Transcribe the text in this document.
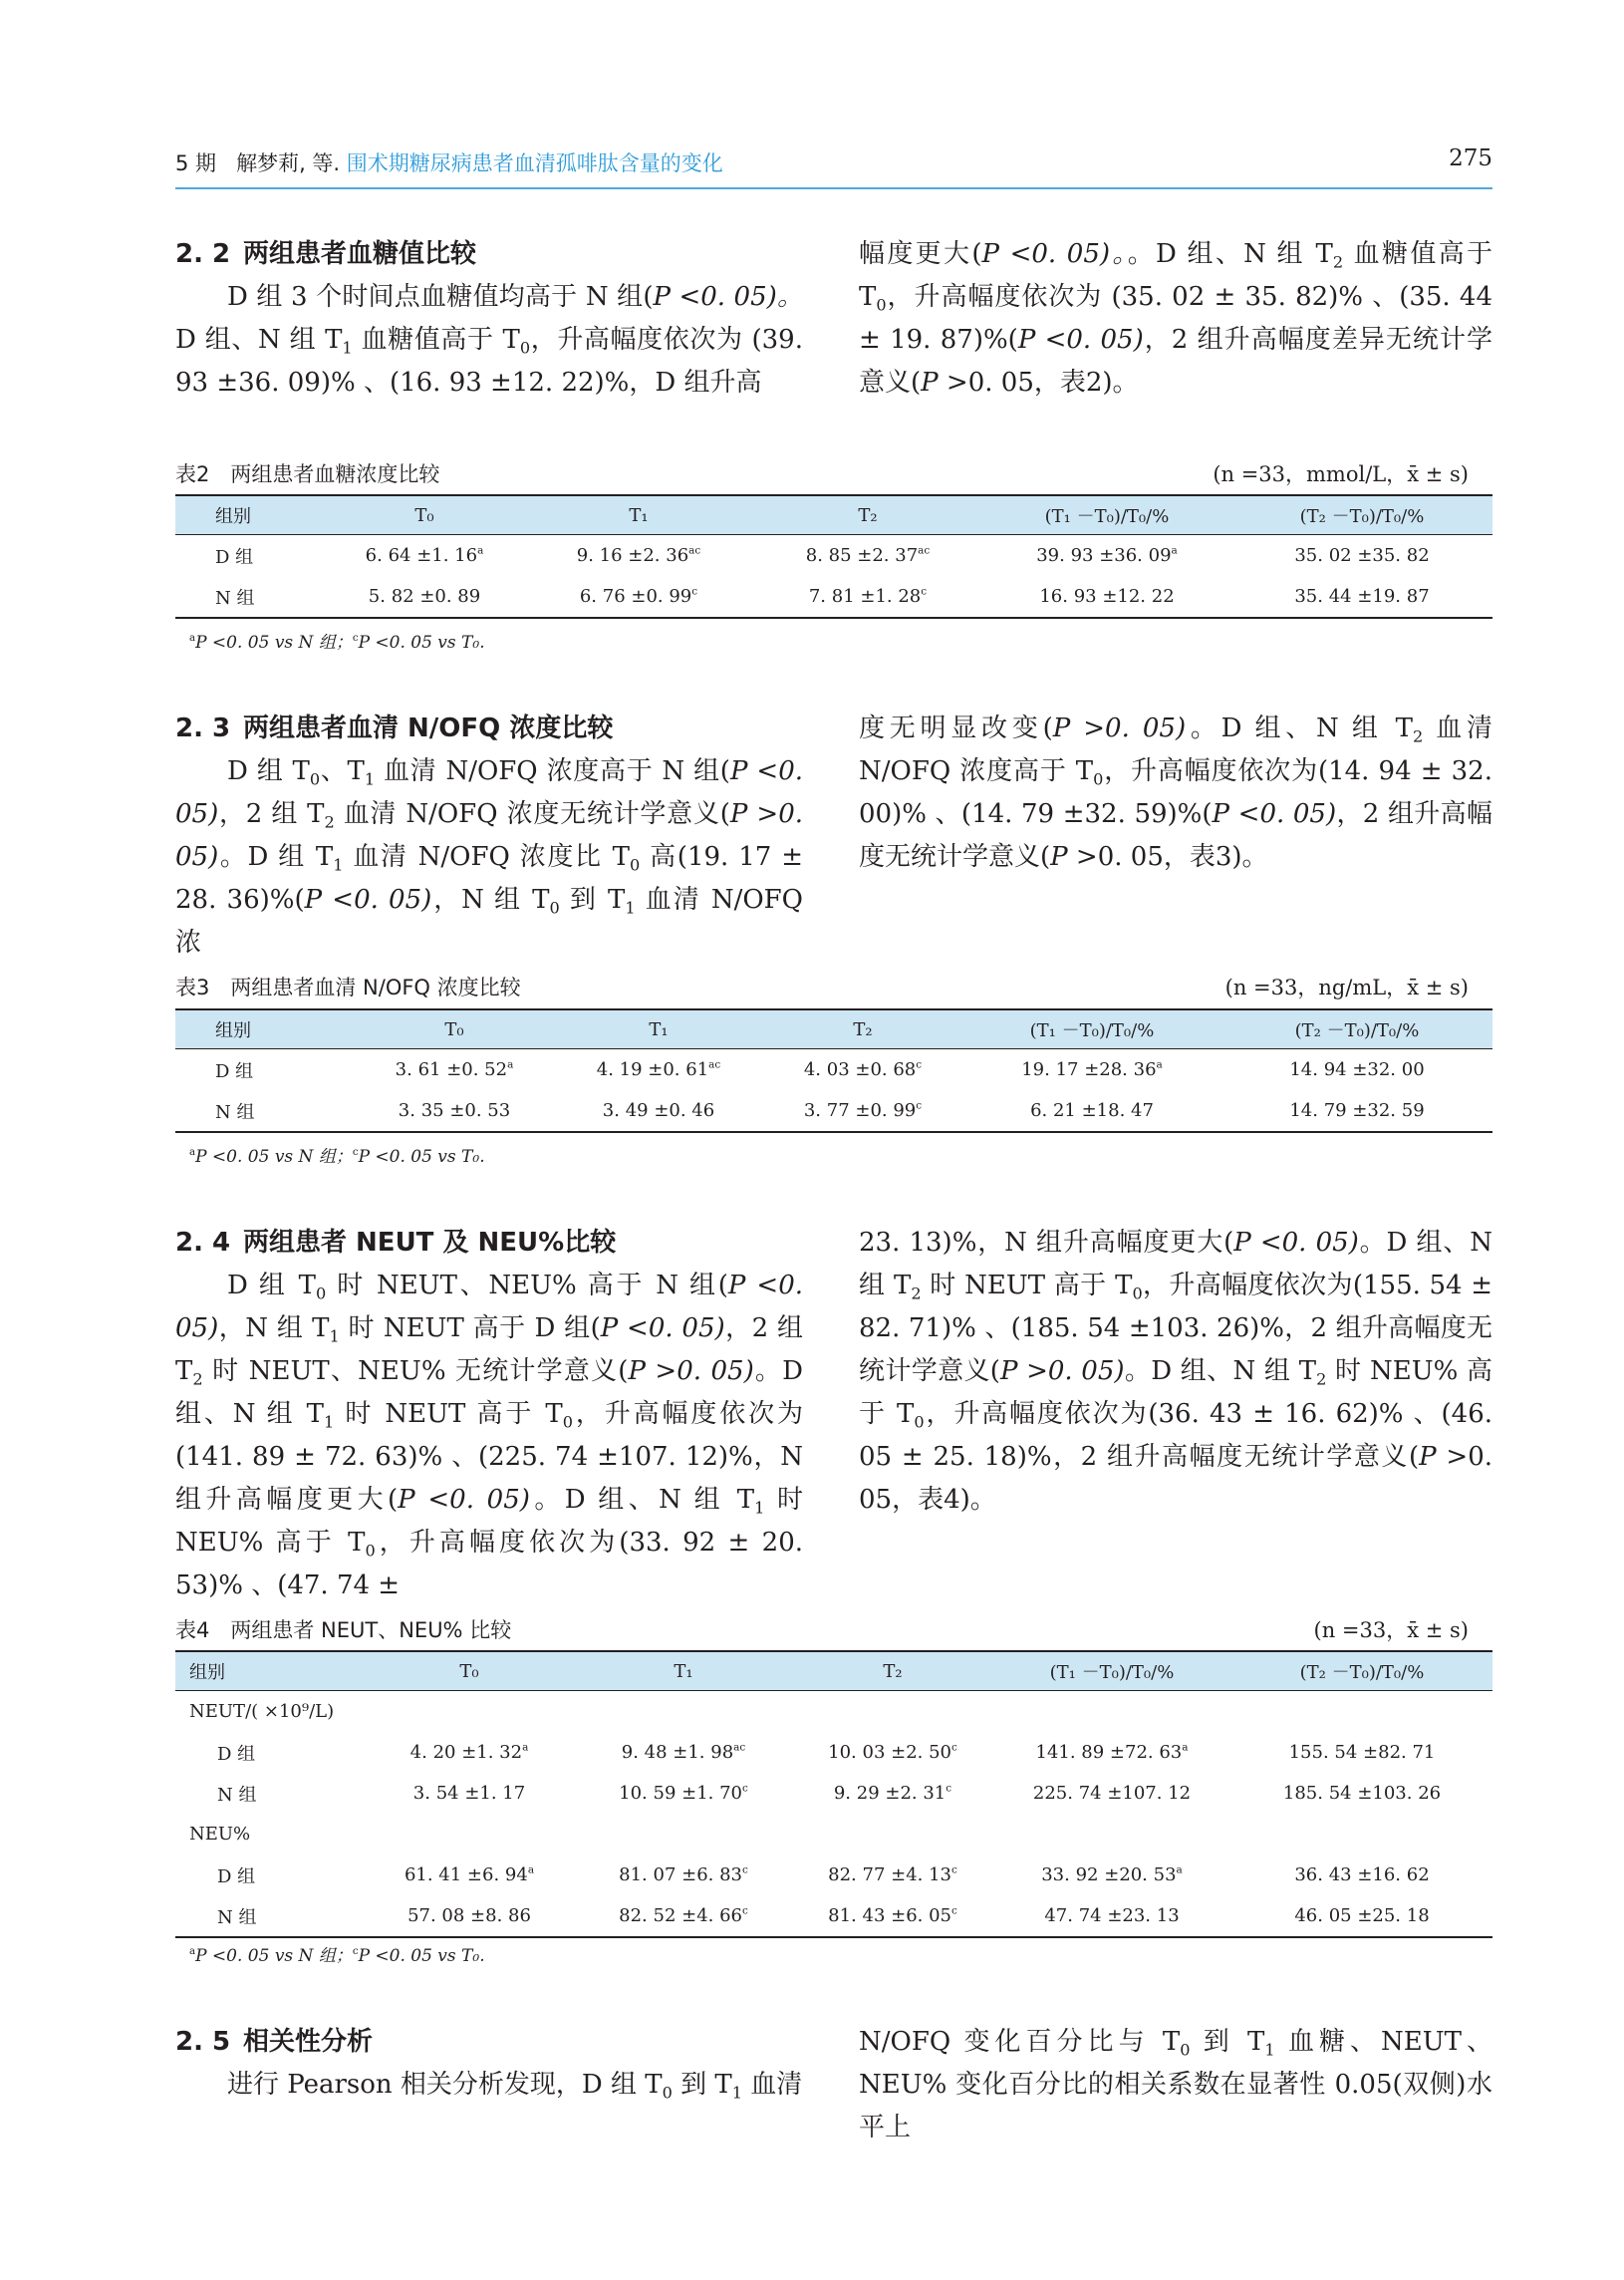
5 期 解梦莉, 等. 围术期糖尿病患者血清孤啡肽含量的变化	275
2. 2 两组患者血糖值比较
D 组 3 个时间点血糖值均高于 N 组(P <0. 05)。D 组、N 组 $T_1$ 血糖值高于 $T_0$，升高幅度依次为 (39. 93 ±36. 09)% 、(16. 93 ±12. 22)%，D 组升高
幅度更大(P <0. 05)。。D 组、N 组 $T_2$ 血糖值高于 $T_0$，升高幅度依次为 (35. 02 ± 35. 82)% 、(35. 44 ± 19. 87)%(P <0. 05)，2 组升高幅度差异无统计学意义(P >0. 05，表2)。
表2　两组患者血糖浓度比较	(n =33，mmol/L，x̄ ± s)
组别	T₀	T₁	T₂	(T₁ －T₀)/T₀/%	(T₂ －T₀)/T₀/%
D 组	6. 64 ±1. 16$^a$	9. 16 ±2. $36^{ac}$	8. 85 ±2. $37^{ac}$	39. 93 ±36. 09$^a$	35. 02 ±35. 82
N 组	5. 82 ±0. 89	6. 76 ±0. 99$^c$	7. 81 ±1. 28$^c$	16. 93 ±12. 22	35. 44 ±19. 87
$^a$P <0. 05 vs N 组；$^c$P <0. 05 vs T₀.
2. 3 两组患者血清 N/OFQ 浓度比较
D 组 $T_0$、$T_1$ 血清 N/OFQ 浓度高于 N 组(P <0. 05)，2 组 $T_2$ 血清 N/OFQ 浓度无统计学意义(P >0. 05)。D 组 $T_1$ 血清 N/OFQ 浓度比 $T_0$ 高(19. 17 ± 28. 36)%(P <0. 05)，N 组 $T_0$ 到 $T_1$ 血清 N/OFQ 浓
度无明显改变(P >0. 05)。D 组、N 组 $T_2$ 血清 N/OFQ 浓度高于 $T_0$，升高幅度依次为(14. 94 ± 32. 00)% 、(14. 79 ±32. 59)%(P <0. 05)，2 组升高幅度无统计学意义(P >0. 05，表3)。
表3　两组患者血清 N/OFQ 浓度比较	(n =33，ng/mL，x̄ ± s)
组别	T₀	T₁	T₂	(T₁ －T₀)/T₀/%	(T₂ －T₀)/T₀/%
D 组	3. 61 ±0. 52$^a$	4. 19 ±0. $61^{ac}$	4. 03 ±0. 68$^c$	19. 17 ±28. 36$^a$	14. 94 ±32. 00
N 组	3. 35 ±0. 53	3. 49 ±0. 46	3. 77 ±0. 99$^c$	6. 21 ±18. 47	14. 79 ±32. 59
$^a$P <0. 05 vs N 组；$^c$P <0. 05 vs T₀.
2. 4 两组患者 NEUT 及 NEU%比较
D 组 $T_0$ 时 NEUT、NEU% 高于 N 组(P <0. 05)，N 组 $T_1$ 时 NEUT 高于 D 组(P <0. 05)，2 组 $T_2$ 时 NEUT、NEU% 无统计学意义(P >0. 05)。D 组、N 组 $T_1$ 时 NEUT 高于 $T_0$，升高幅度依次为(141. 89 ± 72. 63)% 、(225. 74 ±107. 12)%，N 组升高幅度更大(P <0. 05)。D 组、N 组 $T_1$ 时 NEU% 高于 $T_0$，升高幅度依次为(33. 92 ± 20. 53)% 、(47. 74 ±
23. 13)%，N 组升高幅度更大(P <0. 05)。D 组、N 组 $T_2$ 时 NEUT 高于 $T_0$，升高幅度依次为(155. 54 ± 82. 71)% 、(185. 54 ±103. 26)%，2 组升高幅度无统计学意义(P >0. 05)。D 组、N 组 $T_2$ 时 NEU% 高于 $T_0$，升高幅度依次为(36. 43 ± 16. 62)% 、(46. 05 ± 25. 18)%，2 组升高幅度无统计学意义(P >0. 05，表4)。
表4　两组患者 NEUT、NEU% 比较	(n =33，x̄ ± s)
组别	T₀	T₁	T₂	(T₁ －T₀)/T₀/%	(T₂ －T₀)/T₀/%
NEUT/( ×10⁹/L)					
D 组	4. 20 ±1. 32$^a$	9. 48 ±1. $98^{ac}$	10. 03 ±2. 50$^c$	141. 89 ±72. 63$^a$	155. 54 ±82. 71
N 组	3. 54 ±1. 17	10. 59 ±1. 70$^c$	9. 29 ±2. 31$^c$	225. 74 ±107. 12	185. 54 ±103. 26
NEU%					
D 组	61. 41 ±6. 94$^a$	81. 07 ±6. 83$^c$	82. 77 ±4. 13$^c$	33. 92 ±20. 53$^a$	36. 43 ±16. 62
N 组	57. 08 ±8. 86	82. 52 ±4. 66$^c$	81. 43 ±6. 05$^c$	47. 74 ±23. 13	46. 05 ±25. 18
$^a$P <0. 05 vs N 组；$^c$P <0. 05 vs T₀.
2. 5 相关性分析
进行 Pearson 相关分析发现，D 组 $T_0$ 到 $T_1$ 血清
N/OFQ 变化百分比与 $T_0$ 到 $T_1$ 血糖、NEUT、NEU% 变化百分比的相关系数在显著性 0.05(双侧)水平上
